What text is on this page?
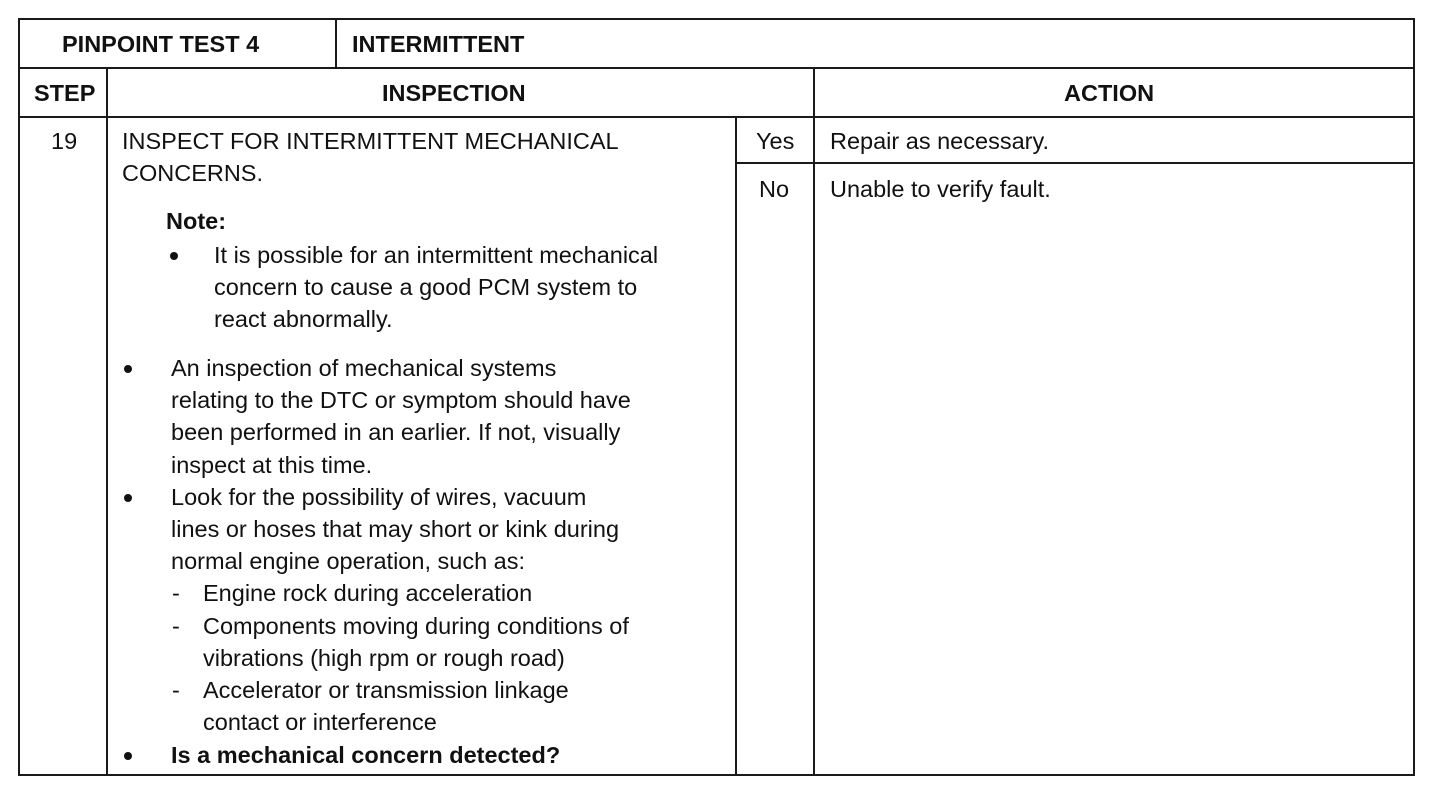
PINPOINT TEST 4	INTERMITTENT
STEP	INSPECTION	ACTION
19 INSPECT FOR INTERMITTENT MECHANICAL
CONCERNS.
Note:
It is possible for an intermittent mechanical
concern to cause a good PCM system to
react abnormally.
An inspection of mechanical systems
relating to the DTC or symptom should have
been performed in an earlier. If not, visually
inspect at this time.
Look for the possibility of wires, vacuum
lines or hoses that may short or kink during
normal engine operation, such as:
- Engine rock during acceleration
- Components moving during conditions of
vibrations (high rpm or rough road)
- Accelerator or transmission linkage
contact or interference
Is a mechanical concern detected?
Yes Repair as necessary.
No Unable to verify fault.
